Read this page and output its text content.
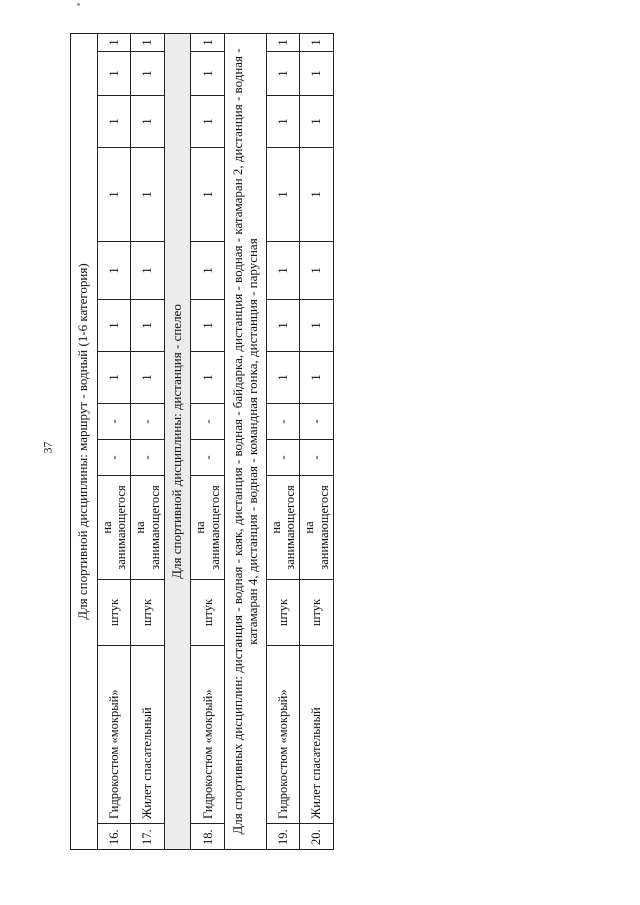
37 Для спортивной дисциплины: маршрут - водный (1-6 категория)													
16.	Гидрокостюм «мокрый»	штук	на занимающегося	-	-	1	1	1	1	1	1	1	
17.	Жилет спасательный	штук	на занимающегося	-	-	1	1	1	1	1	1	1	
Для спортивной дисциплины: дистанция - спелео													
18.	Гидрокостюм «мокрый»	штук	на занимающегося	-	-	1	1	1	1	1	1	1	
Для спортивных дисциплин: дистанция - водная - каяк, дистанция - водная - байдарка, дистанция - водная - катамаран 2, дистанция - водная - катамаран 4, дистанция - водная - командная гонка, дистанция - парусная													
19.	Гидрокостюм «мокрый»	штук	на занимающегося	-	-	1	1	1	1	1	1	1	
20.	Жилет спасательный	штук	на занимающегося	-	-	1	1	1	1	1	1	1	
